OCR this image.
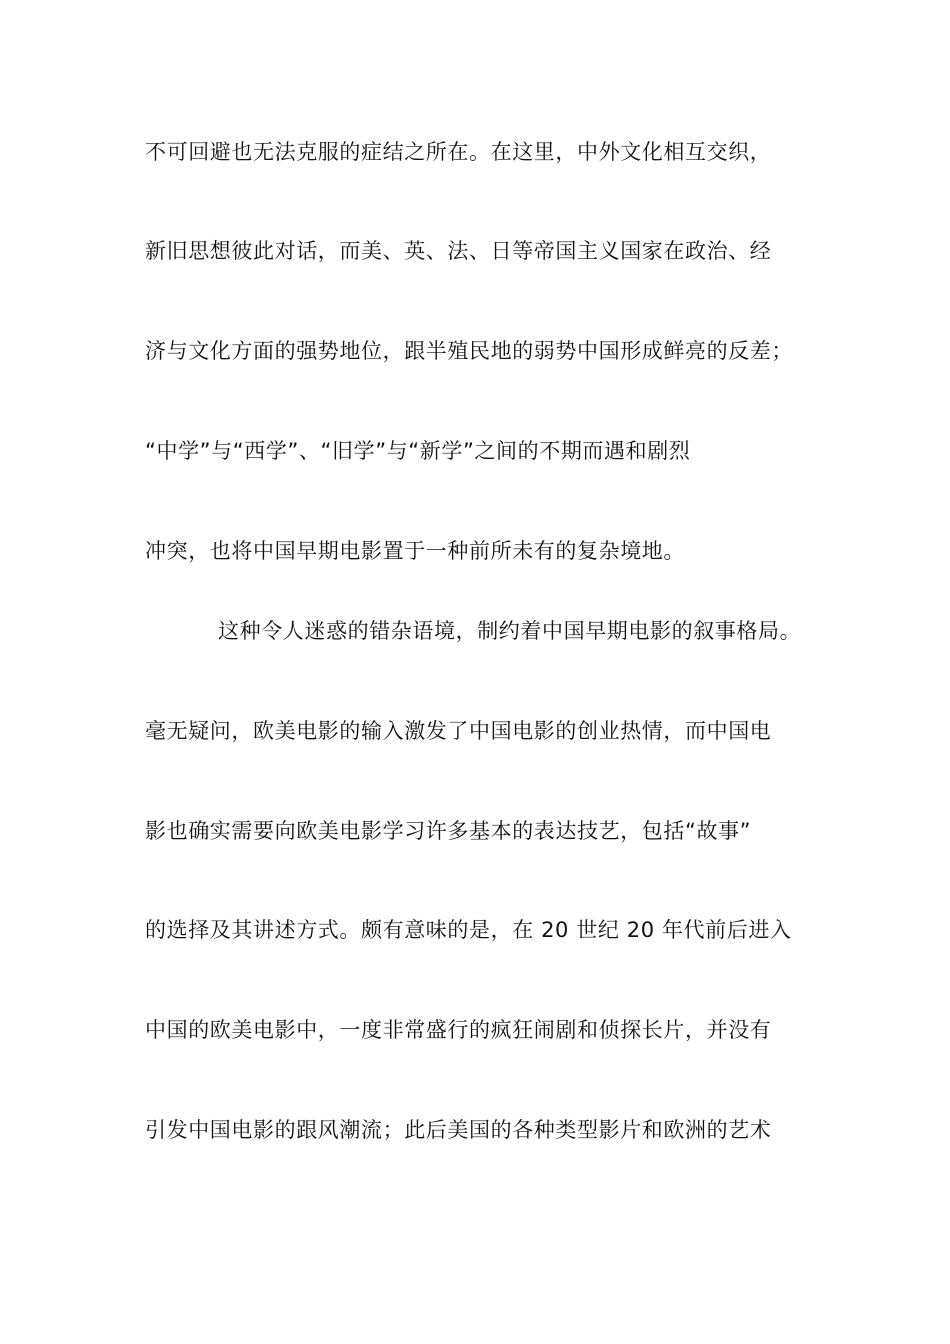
不可回避也无法克服的症结之所在。在这里，中外文化相互交织，
新旧思想彼此对话，而美、英、法、日等帝国主义国家在政治、经
济与文化方面的强势地位，跟半殖民地的弱势中国形成鲜亮的反差；
“中学”与“西学”、“旧学”与“新学”之间的不期而遇和剧烈
冲突，也将中国早期电影置于一种前所未有的复杂境地。
这种令人迷惑的错杂语境，制约着中国早期电影的叙事格局。
毫无疑问，欧美电影的输入激发了中国电影的创业热情，而中国电
影也确实需要向欧美电影学习许多基本的表达技艺，包括“故事”
的选择及其讲述方式。颇有意味的是，在 20 世纪 20 年代前后进入
中国的欧美电影中，一度非常盛行的疯狂闹剧和侦探长片，并没有
引发中国电影的跟风潮流；此后美国的各种类型影片和欧洲的艺术
